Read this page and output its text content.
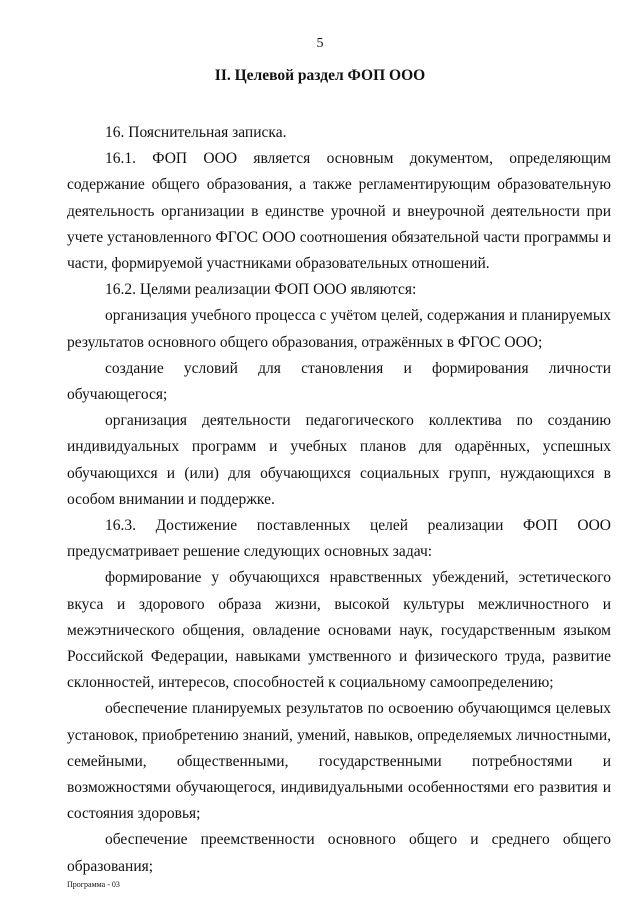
5
II. Целевой раздел ФОП ООО

16. Пояснительная записка.

16.1. ФОП ООО является основным документом, определяющим содержание общего образования, а также регламентирующим образовательную деятельность организации в единстве урочной и внеурочной деятельности при учете установленного ФГОС ООО соотношения обязательной части программы и части, формируемой участниками образовательных отношений.

16.2. Целями реализации ФОП ООО являются:

организация учебного процесса с учётом целей, содержания и планируемых результатов основного общего образования, отражённых в ФГОС ООО;

создание условий для становления и формирования личности обучающегося;

организация деятельности педагогического коллектива по созданию индивидуальных программ и учебных планов для одарённых, успешных обучающихся и (или) для обучающихся социальных групп, нуждающихся в особом внимании и поддержке.

16.3. Достижение поставленных целей реализации ФОП ООО предусматривает решение следующих основных задач:

формирование у обучающихся нравственных убеждений, эстетического вкуса и здорового образа жизни, высокой культуры межличностного и межэтнического общения, овладение основами наук, государственным языком Российской Федерации, навыками умственного и физического труда, развитие склонностей, интересов, способностей к социальному самоопределению;

обеспечение планируемых результатов по освоению обучающимся целевых установок, приобретению знаний, умений, навыков, определяемых личностными, семейными, общественными, государственными потребностями и возможностями обучающегося, индивидуальными особенностями его развития и состояния здоровья;

обеспечение преемственности основного общего и среднего общего образования;

Программа - 03
